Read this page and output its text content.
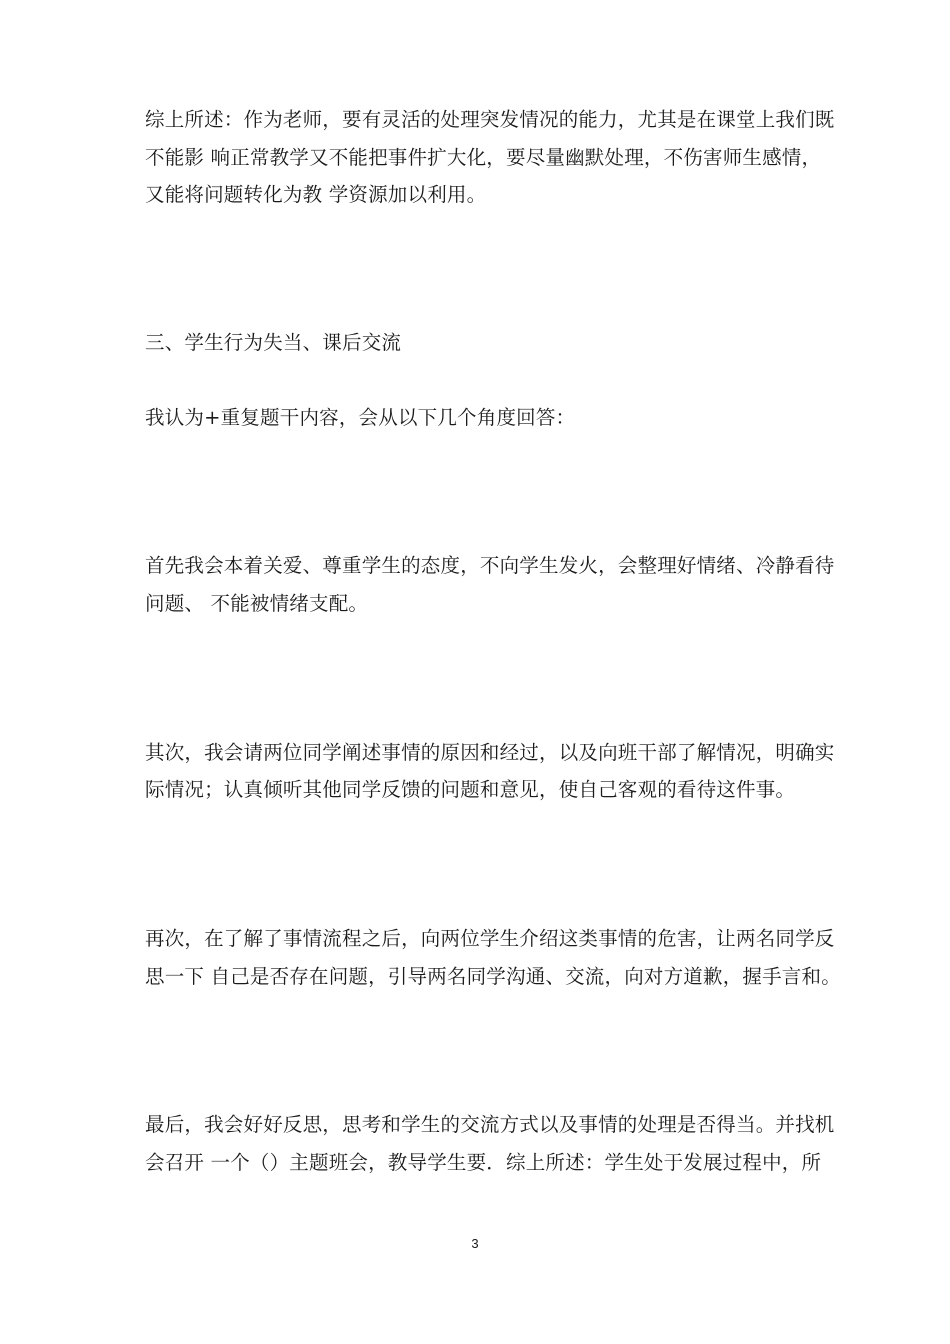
综上所述：作为老师，要有灵活的处理突发情况的能力，尤其是在课堂上我们既
不能影 响正常教学又不能把事件扩大化，要尽量幽默处理，不伤害师生感情，
又能将问题转化为教 学资源加以利用。
三、学生行为失当、课后交流
我认为+重复题干内容，会从以下几个角度回答：
首先我会本着关爱、尊重学生的态度，不向学生发火，会整理好情绪、冷静看待
问题、 不能被情绪支配。
其次，我会请两位同学阐述事情的原因和经过，以及向班干部了解情况，明确实
际情况；认真倾听其他同学反馈的问题和意见，使自己客观的看待这件事。
再次，在了解了事情流程之后，向两位学生介绍这类事情的危害，让两名同学反
思一下 自己是否存在问题，引导两名同学沟通、交流，向对方道歉，握手言和。
最后，我会好好反思，思考和学生的交流方式以及事情的处理是否得当。并找机
会召开 一个（）主题班会，教导学生要．综上所述：学生处于发展过程中，所
3
